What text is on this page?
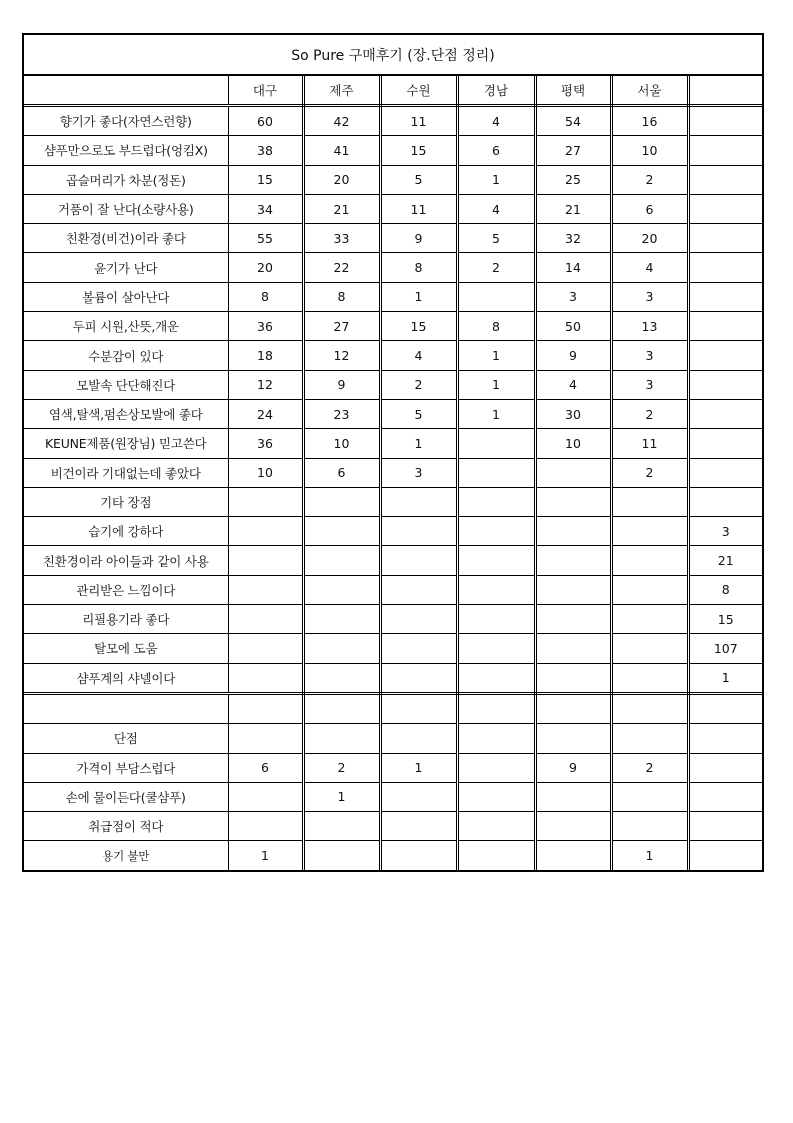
So Pure 구매후기 (장.단점 정리)
	대구	제주	수원	경남	평택	서울	
향기가 좋다(자연스런향)	60	42	11	4	54	16	
샴푸만으로도 부드럽다(엉킴X)	38	41	15	6	27	10	
곱슬머리가 차분(정돈)	15	20	5	1	25	2	
거품이 잘 난다(소량사용)	34	21	11	4	21	6	
친환경(비건)이라 좋다	55	33	9	5	32	20	
윤기가 난다	20	22	8	2	14	4	
볼륨이 살아난다	8	8	1		3	3	
두피 시원,산뜻,개운	36	27	15	8	50	13	
수분감이 있다	18	12	4	1	9	3	
모발속 단단해진다	12	9	2	1	4	3	
염색,탈색,펌손상모발에 좋다	24	23	5	1	30	2	
KEUNE제품(원장님) 믿고쓴다	36	10	1		10	11	
비건이라 기대없는데 좋았다	10	6	3			2	
기타 장점							
습기에 강하다							3
친환경이라 아이들과 같이 사용							21
관리받은 느낌이다							8
리필용기라 좋다							15
탈모에 도움							107
샴푸계의 샤넬이다							1

단점							
가격이 부담스럽다	6	2	1		9	2	
손에 물이든다(쿨샴푸)		1					
취급점이 적다							
용기 불만	1					1	
